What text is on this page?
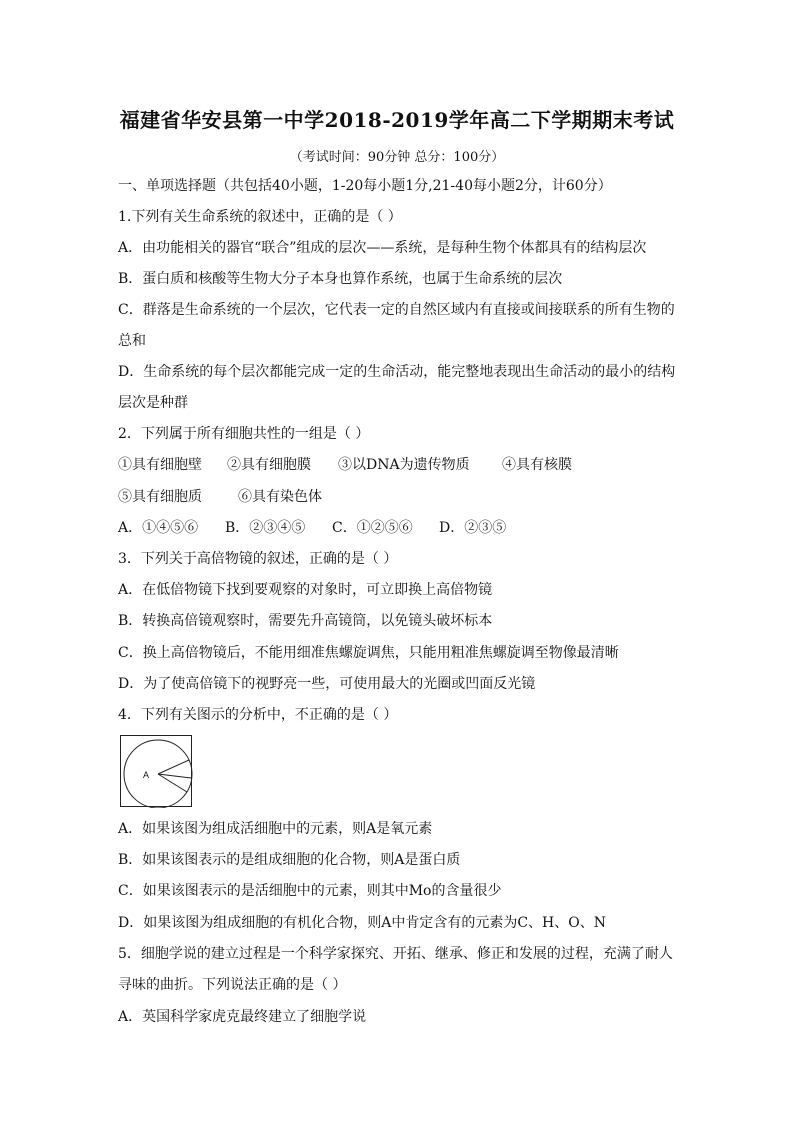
福建省华安县第一中学2018-2019学年高二下学期期末考试
（考试时间：90分钟 总分：100分）
一、单项选择题（共包括40小题，1-20每小题1分,21-40每小题2分，计60分）
1.下列有关生命系统的叙述中，正确的是（ ）
A．由功能相关的器官“联合”组成的层次——系统，是每种生物个体都具有的结构层次
B．蛋白质和核酸等生物大分子本身也算作系统，也属于生命系统的层次
C．群落是生命系统的一个层次，它代表一定的自然区域内有直接或间接联系的所有生物的
总和
D．生命系统的每个层次都能完成一定的生命活动，能完整地表现出生命活动的最小的结构
层次是种群
2．下列属于所有细胞共性的一组是（ ）
①具有细胞壁 ②具有细胞膜 ③以DNA为遗传物质 ④具有核膜
⑤具有细胞质	⑥具有染色体
A．①④⑤⑥ B．②③④⑤ C．①②⑤⑥ D．②③⑤
3．下列关于高倍物镜的叙述，正确的是（ ）
A．在低倍物镜下找到要观察的对象时，可立即换上高倍物镜
B．转换高倍镜观察时，需要先升高镜筒，以免镜头破坏标本
C．换上高倍物镜后，不能用细准焦螺旋调焦，只能用粗准焦螺旋调至物像最清晰
D．为了使高倍镜下的视野亮一些，可使用最大的光圈或凹面反光镜
4．下列有关图示的分析中，不正确的是（ ）
A
A．如果该图为组成活细胞中的元素，则A是氧元素
B．如果该图表示的是组成细胞的化合物，则A是蛋白质
C．如果该图表示的是活细胞中的元素，则其中Mo的含量很少
D．如果该图为组成细胞的有机化合物，则A中肯定含有的元素为C、H、O、N
5．细胞学说的建立过程是一个科学家探究、开拓、继承、修正和发展的过程，充满了耐人
寻味的曲折。下列说法正确的是（ ）
A．英国科学家虎克最终建立了细胞学说
